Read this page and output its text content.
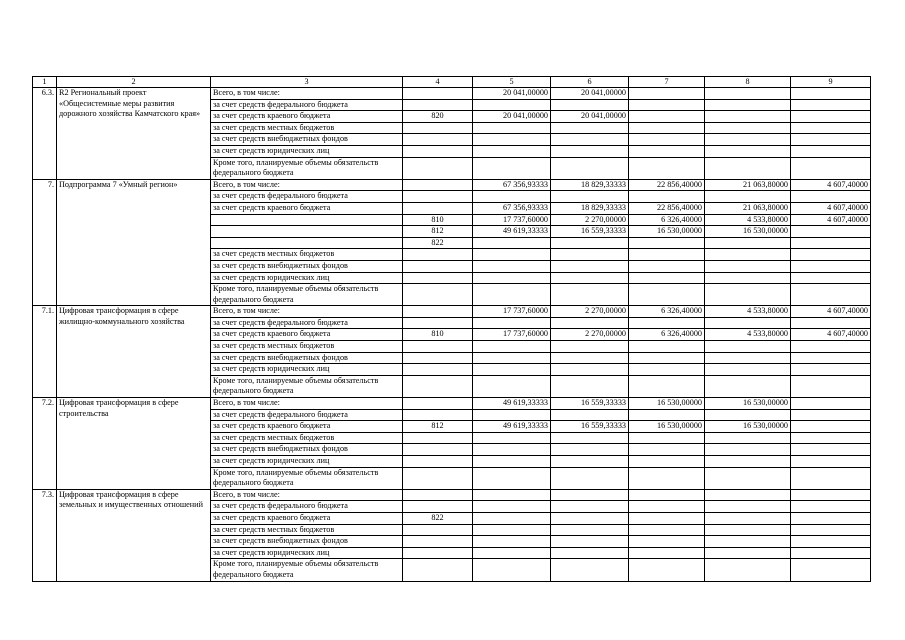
1	2	3	4	5	6	7	8	9
6.3.	R2 Региональный проект «Общесистемные меры развития дорожного хозяйства Камчатского края»	Всего, в том числе:		20 041,00000	20 041,00000			
		за счет средств федерального бюджета						
		за счет средств краевого бюджета	820	20 041,00000	20 041,00000			
		за счет средств местных бюджетов						
		за счет средств внебюджетных фондов						
		за счет средств юридических лиц						
		Кроме того, планируемые объемы обязательств федерального бюджета						
7.	Подпрограмма 7 «Умный регион»	Всего, в том числе:		67 356,93333	18 829,33333	22 856,40000	21 063,80000	4 607,40000
		за счет средств федерального бюджета						
		за счет средств краевого бюджета		67 356,93333	18 829,33333	22 856,40000	21 063,80000	4 607,40000
			810	17 737,60000	2 270,00000	6 326,40000	4 533,80000	4 607,40000
			812	49 619,33333	16 559,33333	16 530,00000	16 530,00000	
			822					
		за счет средств местных бюджетов						
		за счет средств внебюджетных фондов						
		за счет средств юридических лиц						
		Кроме того, планируемые объемы обязательств федерального бюджета						
7.1.	Цифровая трансформация в сфере жилищно-коммунального хозяйства	Всего, в том числе:		17 737,60000	2 270,00000	6 326,40000	4 533,80000	4 607,40000
		за счет средств федерального бюджета						
		за счет средств краевого бюджета	810	17 737,60000	2 270,00000	6 326,40000	4 533,80000	4 607,40000
		за счет средств местных бюджетов						
		за счет средств внебюджетных фондов						
		за счет средств юридических лиц						
		Кроме того, планируемые объемы обязательств федерального бюджета						
7.2.	Цифровая трансформация в сфере строительства	Всего, в том числе:		49 619,33333	16 559,33333	16 530,00000	16 530,00000	
		за счет средств федерального бюджета						
		за счет средств краевого бюджета	812	49 619,33333	16 559,33333	16 530,00000	16 530,00000	
		за счет средств местных бюджетов						
		за счет средств внебюджетных фондов						
		за счет средств юридических лиц						
		Кроме того, планируемые объемы обязательств федерального бюджета						
7.3.	Цифровая трансформация в сфере земельных и имущественных отношений	Всего, в том числе:						
		за счет средств федерального бюджета						
		за счет средств краевого бюджета	822					
		за счет средств местных бюджетов						
		за счет средств внебюджетных фондов						
		за счет средств юридических лиц						
		Кроме того, планируемые объемы обязательств федерального бюджета						
